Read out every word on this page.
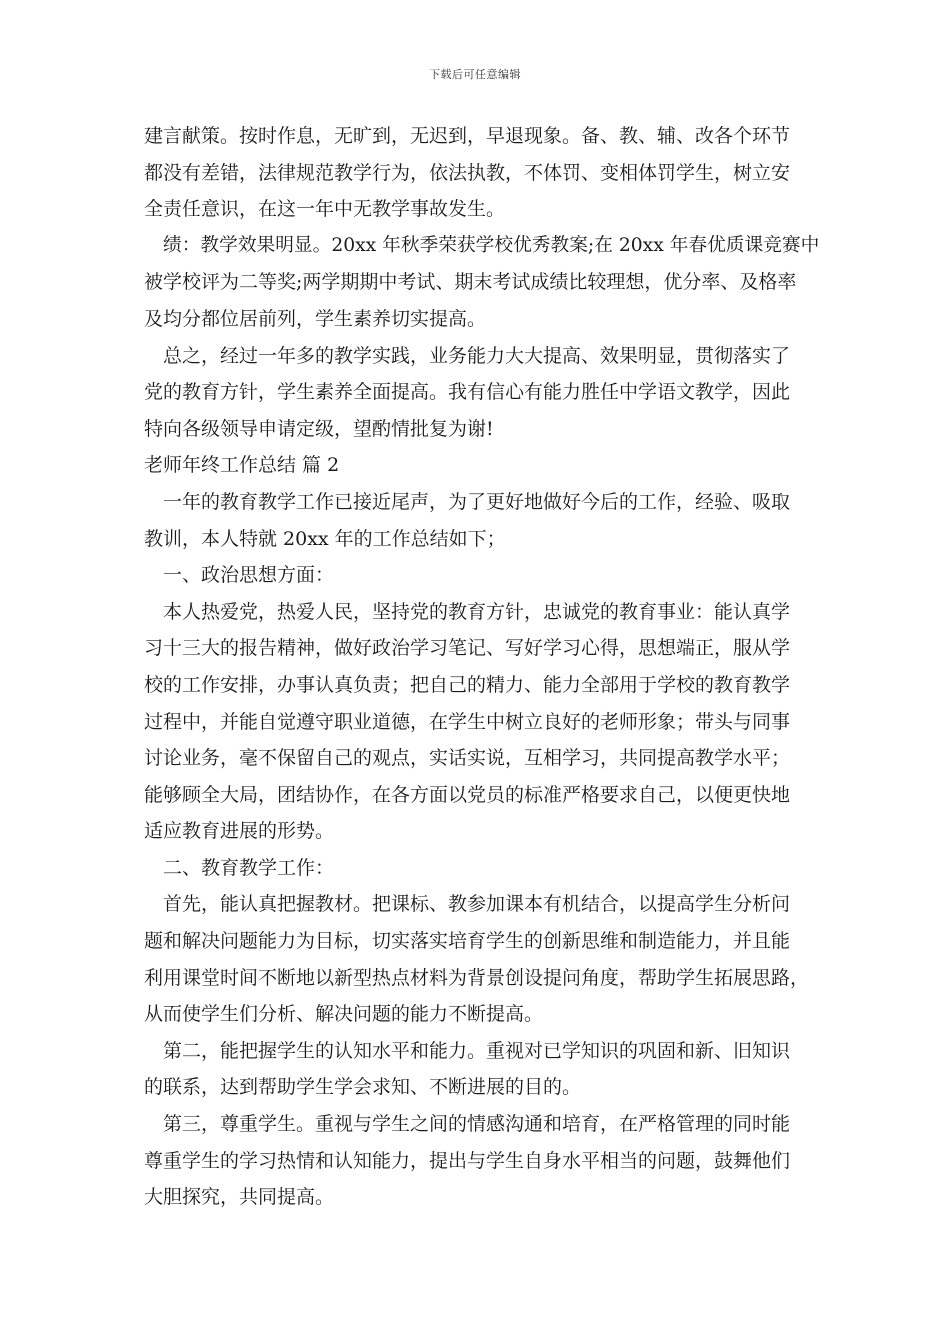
下载后可任意编辑
建言献策。按时作息，无旷到，无迟到，早退现象。备、教、辅、改各个环节
都没有差错，法律规范教学行为，依法执教，不体罚、变相体罚学生，树立安
全责任意识，在这一年中无教学事故发生。
绩：教学效果明显。20xx 年秋季荣获学校优秀教案;在 20xx 年春优质课竞赛中
被学校评为二等奖;两学期期中考试、期末考试成绩比较理想，优分率、及格率
及均分都位居前列，学生素养切实提高。
总之，经过一年多的教学实践，业务能力大大提高、效果明显，贯彻落实了
党的教育方针，学生素养全面提高。我有信心有能力胜任中学语文教学，因此
特向各级领导申请定级，望酌情批复为谢!
老师年终工作总结 篇 2
一年的教育教学工作已接近尾声，为了更好地做好今后的工作，经验、吸取
教训，本人特就 20xx 年的工作总结如下；
一、政治思想方面：
本人热爱党，热爱人民，坚持党的教育方针，忠诚党的教育事业：能认真学
习十三大的报告精神，做好政治学习笔记、写好学习心得，思想端正，服从学
校的工作安排，办事认真负责；把自己的精力、能力全部用于学校的教育教学
过程中，并能自觉遵守职业道德，在学生中树立良好的老师形象；带头与同事
讨论业务，毫不保留自己的观点，实话实说，互相学习，共同提高教学水平；
能够顾全大局，团结协作，在各方面以党员的标准严格要求自己，以便更快地
适应教育进展的形势。
二、教育教学工作：
首先，能认真把握教材。把课标、教参加课本有机结合，以提高学生分析问
题和解决问题能力为目标，切实落实培育学生的创新思维和制造能力，并且能
利用课堂时间不断地以新型热点材料为背景创设提问角度，帮助学生拓展思路，
从而使学生们分析、解决问题的能力不断提高。
第二，能把握学生的认知水平和能力。重视对已学知识的巩固和新、旧知识
的联系，达到帮助学生学会求知、不断进展的目的。
第三，尊重学生。重视与学生之间的情感沟通和培育，在严格管理的同时能
尊重学生的学习热情和认知能力，提出与学生自身水平相当的问题，鼓舞他们
大胆探究，共同提高。
